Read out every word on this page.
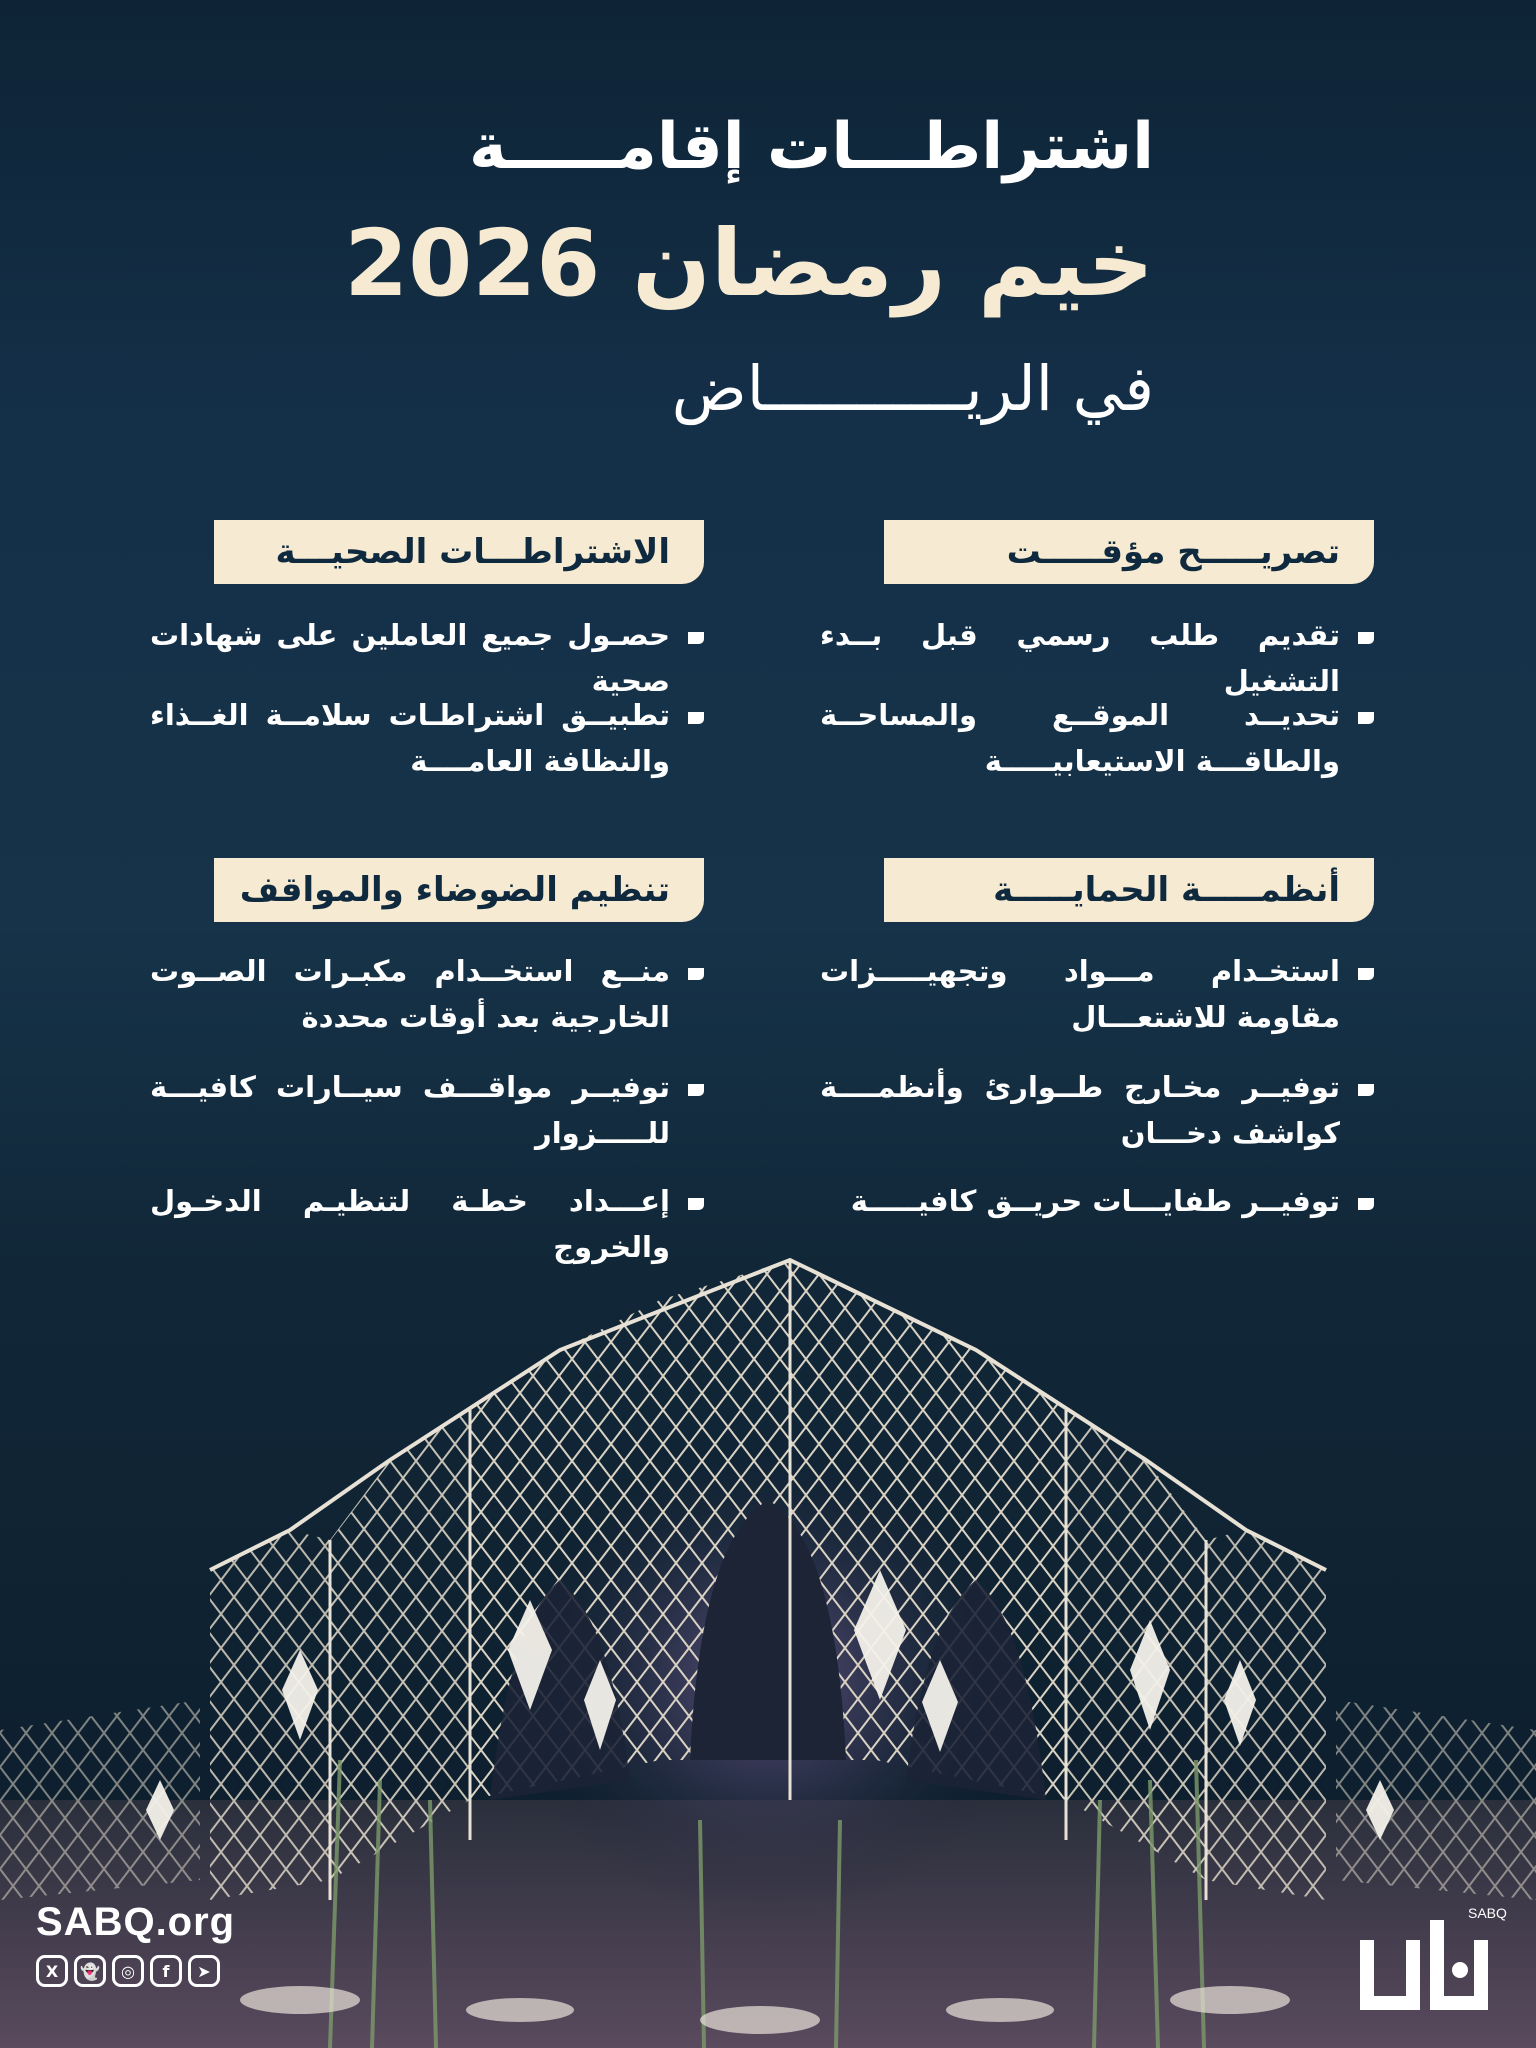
اشتراطـــات إقامـــــة
خيم رمضان 2026
في الريـــــــــــاض
تصريـــــح مؤقـــــت
تقديم طلب رسمي قبل بــدء التشغيل
تحديــد الموقــع والمساحــة والطاقـــة الاستيعابيـــــة
الاشتراطـــات الصحيـــة
حصـول جميع العاملين على شهادات صحية
تطبيــق اشتراطـات سلامــة الغــذاء والنظافة العامــــة
أنظمـــــة الحمايـــــة
استخـدام مـــواد وتجهيـــــزات مقاومة للاشتعـــال
توفيــر مخـارج طــوارئ وأنظمــــة كواشف دخـــان
توفيــر طفايـــات حريــق كافيـــــة
تنظيم الضوضاء والمواقف
منــع استخــدام مكبـرات الصــوت الخارجية بعد أوقات محددة
توفيــر مواقـــف سيــارات كافيـــة للـــــزوار
إعـــداد خطـة لتنظيـم الدخـول والخروج
SABQ.org
X	👻	◎	f	➤
SABQ
